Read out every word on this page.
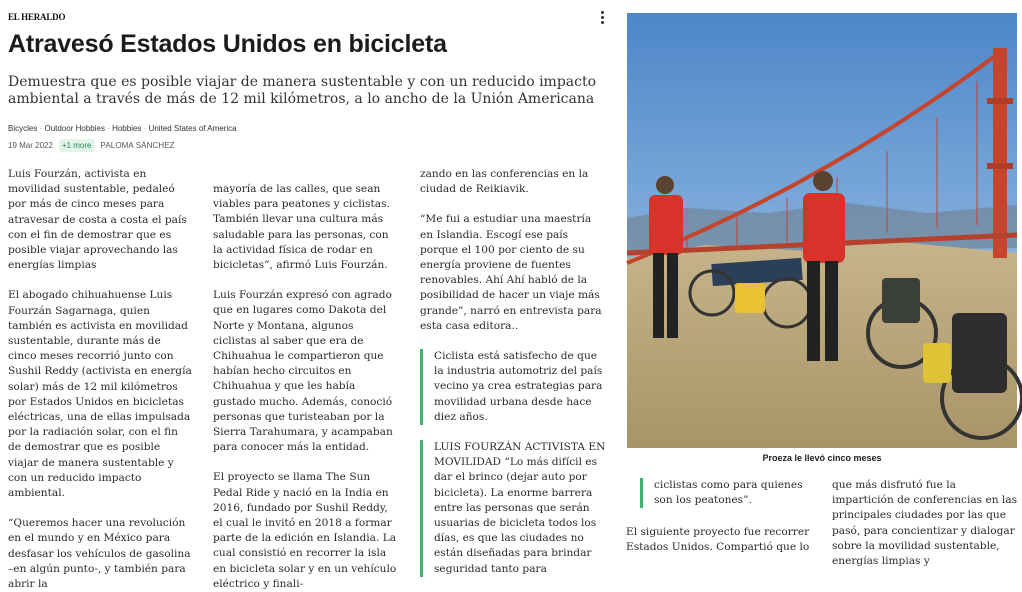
EL HERALDO
Atravesó Estados Unidos en bicicleta

Demuestra que es posible viajar de manera sustentable y con un reducido impacto ambiental a través de más de 12 mil kilómetros, a lo ancho de la Unión Americana

Bicycles · Outdoor Hobbies · Hobbies · United States of America
19 Mar 2022	+1 more	PALOMA SÁNCHEZ

Luis Fourzán, activista en movilidad sustentable, pedaleó por más de cinco meses para atravesar de costa a costa el país con el fin de demostrar que es posible viajar aprovechando las energías limpias

El abogado chihuahuense Luis Fourzán Sagarnaga, quien también es activista en movilidad sustentable, durante más de cinco meses recorrió junto con Sushil Reddy (activista en energía solar) más de 12 mil kilómetros por Estados Unidos en bicicletas eléctricas, una de ellas impulsada por la radiación solar, con el fin de demostrar que es posible viajar de manera sustentable y con un reducido impacto ambiental.

“Queremos hacer una revolución en el mundo y en México para desfasar los vehículos de gasolina –en algún punto-, y también para abrir la

mayoría de las calles, que sean viables para peatones y ciclistas. También llevar una cultura más saludable para las personas, con la actividad física de rodar en bicicletas”, afirmó Luis Fourzán.

Luis Fourzán expresó con agrado que en lugares como Dakota del Norte y Montana, algunos ciclistas al saber que era de Chihuahua le compartieron que habían hecho circuitos en Chihuahua y que les había gustado mucho. Además, conoció personas que turisteaban por la Sierra Tarahumara, y acampaban para conocer más la entidad.

El proyecto se llama The Sun Pedal Ride y nació en la India en 2016, fundado por Sushil Reddy, el cual le invitó en 2018 a formar parte de la edición en Islandia. La cual consistió en recorrer la isla en bicicleta solar y en un vehículo eléctrico y finali-

zando en las conferencias en la ciudad de Reikiavik.

“Me fui a estudiar una maestría en Islandia. Escogí ese país porque el 100 por ciento de su energía proviene de fuentes renovables. Ahí Ahí habló de la posibilidad de hacer un viaje más grande”, narró en entrevista para esta casa editora..

Ciclista está satisfecho de que la industria automotriz del país vecino ya crea estrategias para movilidad urbana desde hace diez años.

LUIS FOURZÁN ACTIVISTA EN MOVILIDAD “Lo más difícil es dar el brinco (dejar auto por bicicleta). La enorme barrera entre las personas que serán usuarias de bicicleta todos los días, es que las ciudades no están diseñadas para brindar seguridad tanto para

Proeza le llevó cinco meses

ciclistas como para quienes son los peatones”.

El siguiente proyecto fue recorrer Estados Unidos. Compartió que lo

que más disfrutó fue la impartición de conferencias en las principales ciudades por las que pasó, para concientizar y dialogar sobre la movilidad sustentable, energías limpias y
